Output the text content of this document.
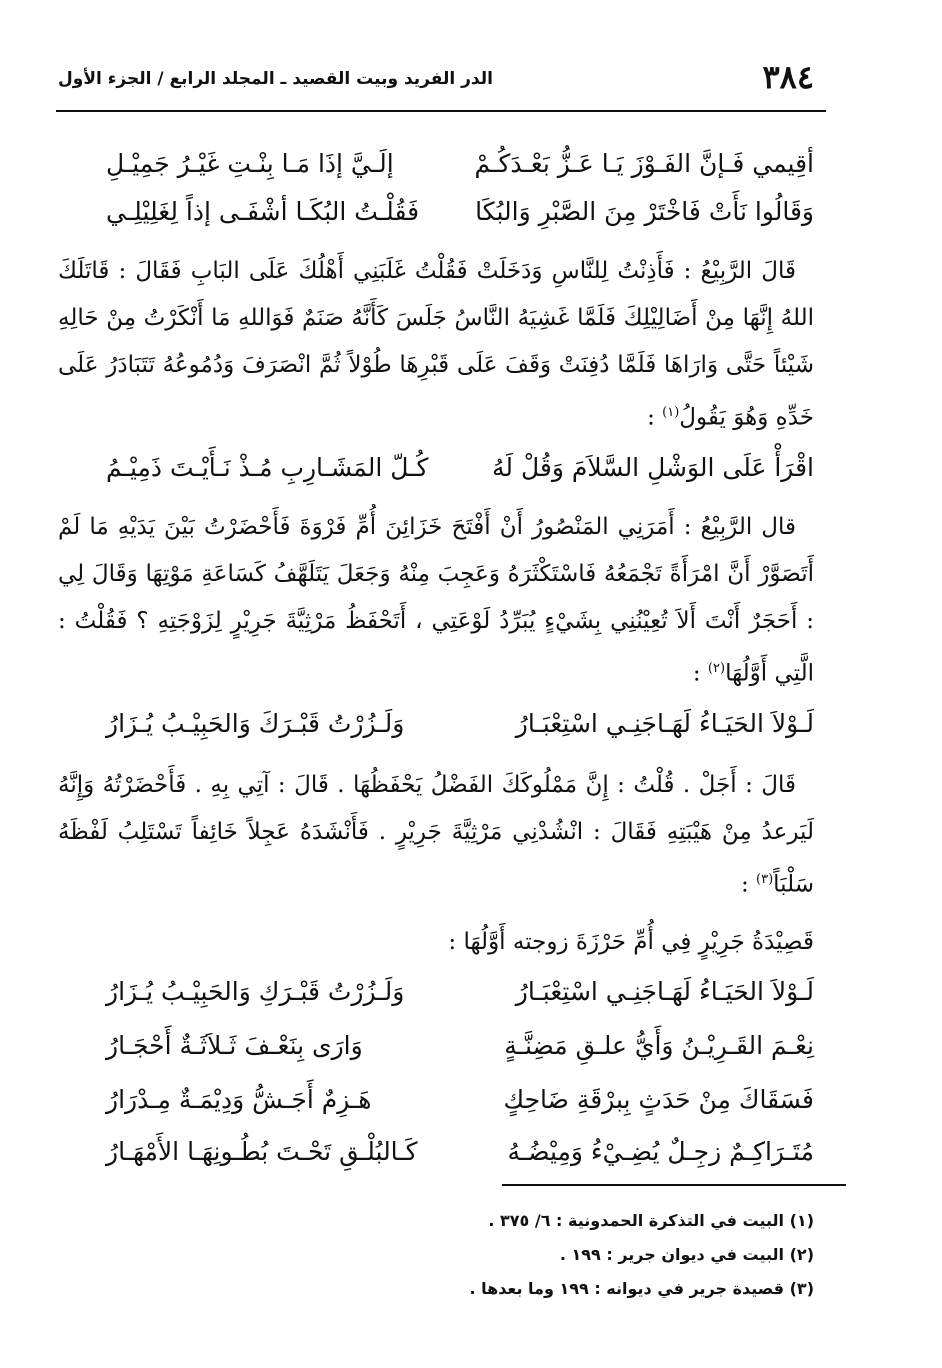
٣٨٤
الدر الفريد وبيت القصيد ـ المجلد الرابع / الجزء الأول
أقِيمي فَـإنَّ الفَـوْزَ يَـا عَـزُّ بَعْـدَكُـمْ
إلَـيَّ إذَا مَـا بِنْـتِ غَيْـرُ جَمِيْـلِ
وَقَالُوا نَأَتْ فَاخْتَرْ مِنَ الصَّبْرِ وَالبُكَا
فَقُلْـتُ البُكَـا أشْفَـى إذاً لِغَلِيْلِـي
قَالَ الرَّبِيْعُ : فَأَذِنْتُ لِلنَّاسِ وَدَخَلَتْ فَقُلْتُ غَلَبَنِي أَهْلُكَ عَلَى البَابِ فَقَالَ : قَاتَلَكَ اللهُ إِنَّهَا مِنْ أَضَالِيْلِكَ فَلَمَّا غَشِيَهُ النَّاسُ جَلَسَ كَأَنَّهُ صَنَمٌ فَوَاللهِ مَا أَنْكَرْتُ مِنْ حَالِهِ شَيْئاً حَتَّى وَارَاهَا فَلَمَّا دُفِنَتْ وَقَفَ عَلَى قَبْرِهَا طُوْلاً ثُمَّ انْصَرَفَ وَدُمُوعُهُ تَتَبَادَرُ عَلَى خَدِّهِ وَهُوَ يَقُولُ$^{(١)}$ :
اقْرَأْ عَلَى الوَشْلِ السَّلاَمَ وَقُلْ لَهُ
كُـلّ المَشَـارِبِ مُـذْ نَـأَيْـتَ ذَمِيْـمُ
قال الرَّبِيْعُ : أَمَرَنِي المَنْصُورُ أَنْ أَفْتَحَ خَزَائِنَ أُمِّ فَرْوَةَ فَأَحْضَرْتُ بَيْنَ يَدَيْهِ مَا لَمْ أَتَصَوَّرْ أَنَّ امْرَأَةً تَجْمَعُهُ فَاسْتَكْثَرَهُ وَعَجِبَ مِنْهُ وَجَعَلَ يَتَلَهَّفُ كَسَاعَةِ مَوْتِهَا وَقَالَ لِي : أَحَجَرٌ أَنْتَ أَلاَ تُعِيْنُنِي بِشَيْءٍ يُبَرِّدُ لَوْعَتِي ، أَتَحْفَظُ مَرْثِيَّةَ جَرِيْرٍ لِزَوْجَتِهِ ؟ فَقُلْتُ : الَّتِي أَوَّلُهَا$^{(٢)}$ :
لَـوْلاَ الحَيَـاءُ لَهَـاجَنِـي اسْتِعْبَـارُ
وَلَـزُرْتُ قَبْـرَكَ وَالحَبِيْـبُ يُـزَارُ
قَالَ : أَجَلْ . قُلْتُ : إِنَّ مَمْلُوكَكَ الفَضْلُ يَحْفَظُهَا . قَالَ : آتِي بِهِ . فَأَحْضَرْتُهُ وَإِنَّهُ لَيَرعدُ مِنْ هَيْبَتِهِ فَقَالَ : انْشُدْنِي مَرْثِيَّةَ جَرِيْرٍ . فَأَنْشَدَهُ عَجِلاً خَائِفاً تَسْتَلِبُ لَفْظَهُ سَلْبَاً$^{(٣)}$ :
قَصِيْدَةُ جَرِيْرٍ فِي أُمِّ حَرْزَةَ زوجته أَوَّلُهَا :
لَـوْلاَ الحَيَـاءُ لَهَـاجَنِـي اسْتِعْبَـارُ
وَلَـزُرْتُ قَبْـرَكِ وَالحَبِيْـبُ يُـزَارُ
نِعْـمَ القَـرِيْـنُ وَأَيُّ علـقِ مَضِنَّـةٍ
وَارَى بِنَعْـفَ ثَـلاَثَـةٌ أَحْجَـارُ
فَسَقَاكَ مِنْ حَدَثٍ بِبرْقَةِ ضَاحِكٍ
هَـزِمٌ أَجَـشُّ وَدِيْمَـةٌ مِـدْرَارُ
مُتَـرَاكِـمٌ زجِـلٌ يُضِـيْءُ وَمِيْضُـهُ
كَـالبُلْـقِ تَحْـتَ بُطُـونِهَـا الأَمْهَـارُ
(١) البيت في التذكرة الحمدونية : ٦/ ٣٧٥ .
(٢) البيت في ديوان جرير : ١٩٩ .
(٣) قصيدة جرير في ديوانه : ١٩٩ وما بعدها .
